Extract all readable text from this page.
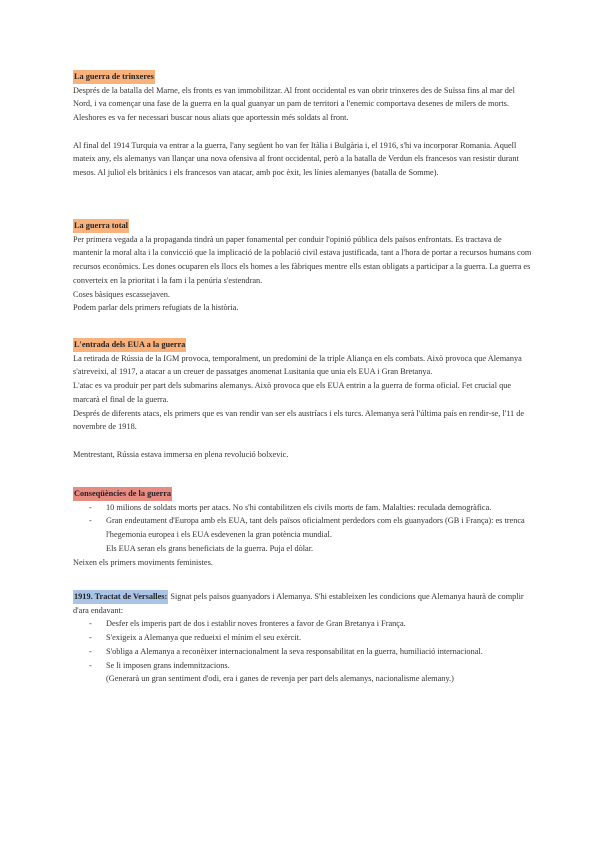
La guerra de trinxeres

Després de la batalla del Marne, els fronts es van immobilitzar. Al front occidental es van obrir trinxeres des de Suïssa fins al mar del Nord, i va començar una fase de la guerra en la qual guanyar un pam de territori a l'enemic comportava desenes de milers de morts. Aleshores es va fer necessari buscar nous aliats que aportessin més soldats al front.

Al final del 1914 Turquia va entrar a la guerra, l'any següent ho van fer Itàlia i Bulgària i, el 1916, s'hi va incorporar Romania. Aquell mateix any, els alemanys van llançar una nova ofensiva al front occidental, però a la batalla de Verdun els francesos van resistir durant mesos. Al juliol els britànics i els francesos van atacar, amb poc èxit, les línies alemanyes (batalla de Somme).

La guerra total

Per primera vegada a la propaganda tindrà un paper fonamental per conduir l'opinió pública dels països enfrontats. Es tractava de mantenir la moral alta i la convicció que la implicació de la població civil estava justificada, tant a l'hora de portar a recursos humans com recursos econòmics. Les dones ocuparen els llocs els homes a les fàbriques mentre ells estan obligats a participar a la guerra. La guerra es converteix en la prioritat i la fam i la penúria s'estendran.

Coses bàsiques escassejaven.

Podem parlar dels primers refugiats de la història.

L'entrada dels EUA a la guerra

La retirada de Rússia de la IGM provoca, temporalment, un predomini de la triple Aliança en els combats. Això provoca que Alemanya s'atreveixi, al 1917, a atacar a un creuer de passatges anomenat Lusitania que unia els EUA i Gran Bretanya.

L'atac es va produir per part dels submarins alemanys. Això provoca que els EUA entrin a la guerra de forma oficial. Fet crucial que marcarà el final de la guerra.

Després de diferents atacs, els primers que es van rendir van ser els austríacs i els turcs. Alemanya serà l'última país en rendir-se, l'11 de novembre de 1918.

Mentrestant, Rússia estava immersa en plena revolució bolxevic.

Conseqüències de la guerra

- 10 milions de soldats morts per atacs. No s'hi contabilitzen els civils morts de fam. Malalties: reculada demogràfica.
- Gran endeutament d'Europa amb els EUA, tant dels països oficialment perdedors com els guanyadors (GB i França): es trenca l'hegemonia europea i els EUA esdevenen la gran potència mundial.

Els EUA seran els grans beneficiats de la guerra. Puja el dòlar.

Neixen els primers moviments feministes.

1919. Tractat de Versalles: Signat pels països guanyadors i Alemanya. S'hi estableixen les condicions que Alemanya haurà de complir d'ara endavant:

- Desfer els imperis part de dos i establir noves fronteres a favor de Gran Bretanya i França.
- S'exigeix a Alemanya que redueixi el mínim el seu exèrcit.
- S'obliga a Alemanya a reconèixer internacionalment la seva responsabilitat en la guerra, humiliació internacional.
- Se li imposen grans indemnitzacions.

(Generarà un gran sentiment d'odi, era i ganes de revenja per part dels alemanys, nacionalisme alemany.)
